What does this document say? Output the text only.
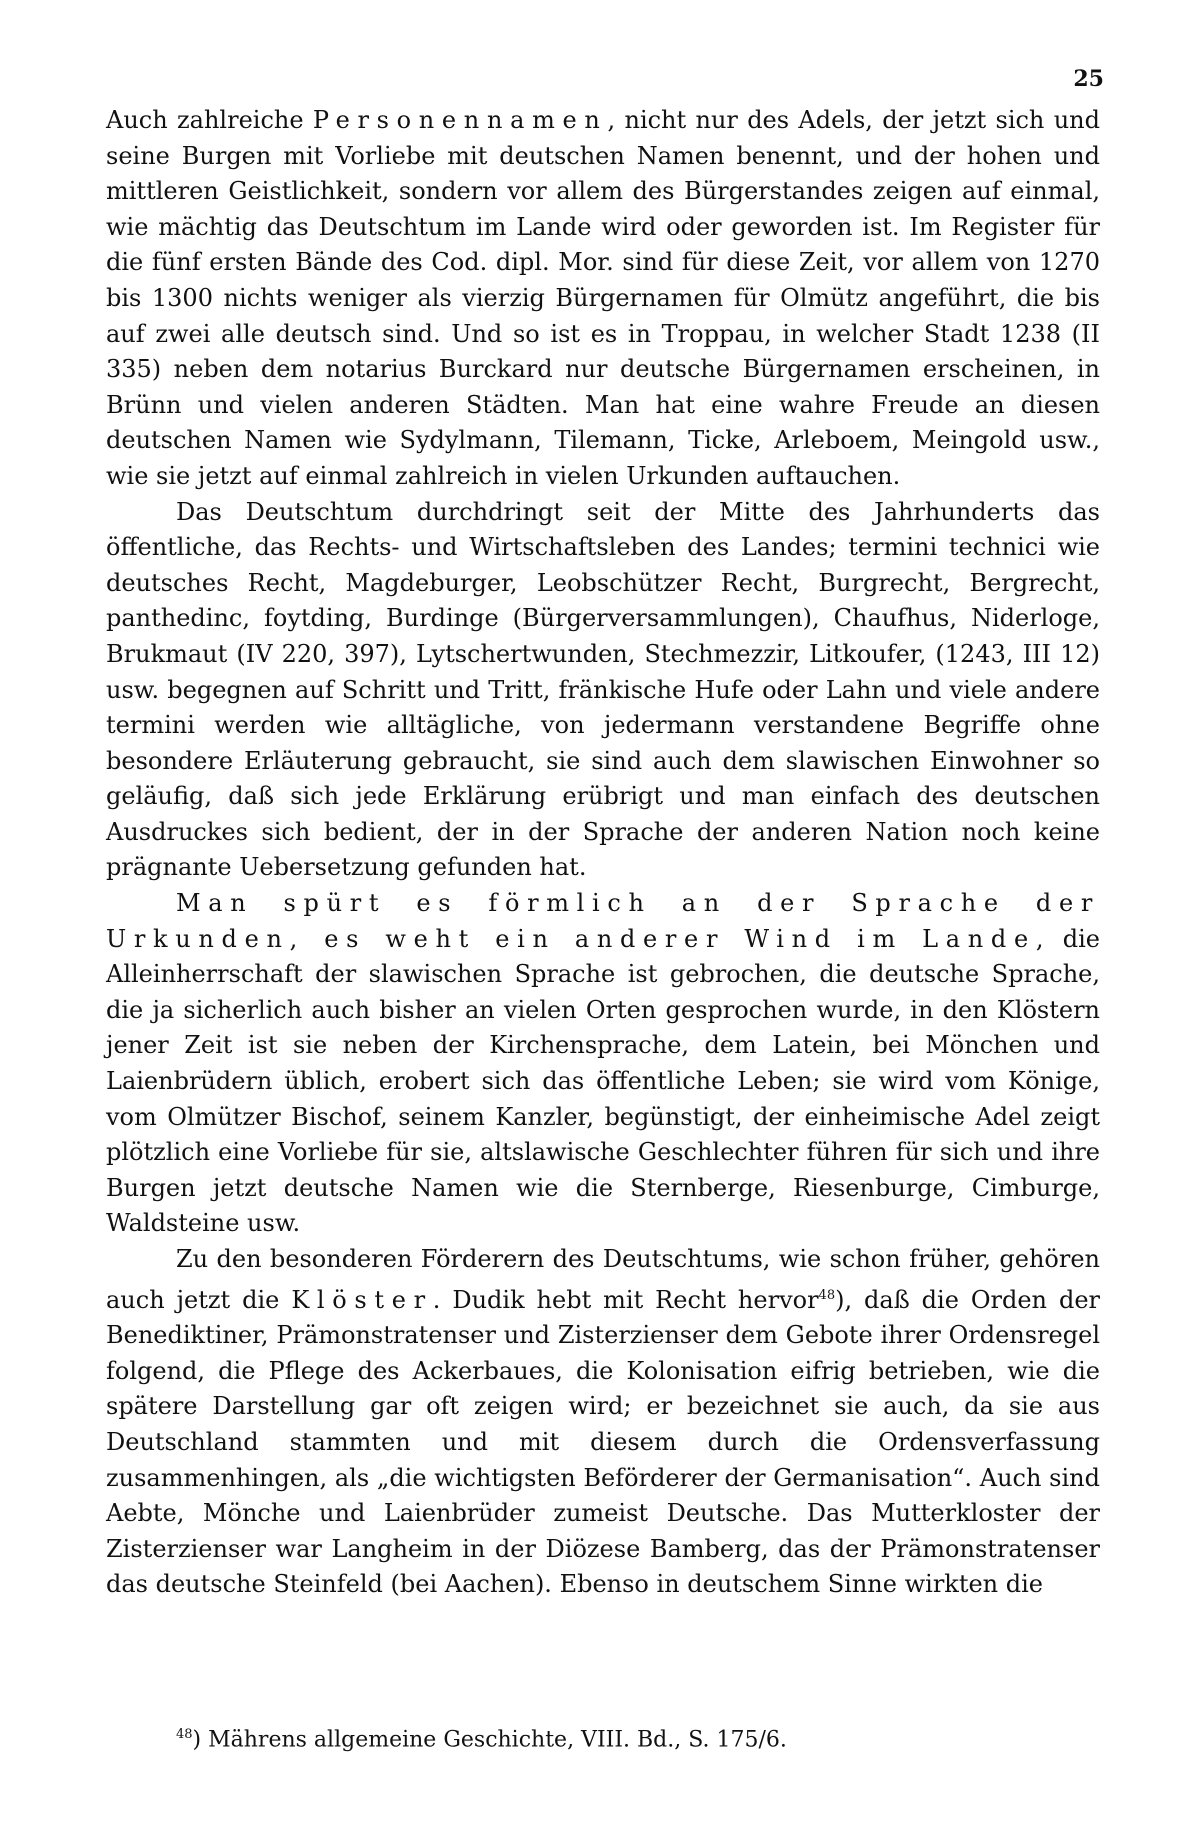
25

Auch zahlreiche Personennamen, nicht nur des Adels, der jetzt sich und seine Burgen mit Vorliebe mit deutschen Namen benennt, und der hohen und mittleren Geistlichkeit, sondern vor allem des Bürgerstandes zeigen auf einmal, wie mächtig das Deutschtum im Lande wird oder geworden ist. Im Register für die fünf ersten Bände des Cod. dipl. Mor. sind für diese Zeit, vor allem von 1270 bis 1300 nichts weniger als vierzig Bürgernamen für Olmütz angeführt, die bis auf zwei alle deutsch sind. Und so ist es in Troppau, in welcher Stadt 1238 (II 335) neben dem notarius Burckard nur deutsche Bürgernamen erscheinen, in Brünn und vielen anderen Städten. Man hat eine wahre Freude an diesen deutschen Namen wie Sydylmann, Tilemann, Ticke, Arleboem, Meingold usw., wie sie jetzt auf einmal zahlreich in vielen Urkunden auftauchen.

Das Deutschtum durchdringt seit der Mitte des Jahrhunderts das öffentliche, das Rechts- und Wirtschaftsleben des Landes; termini technici wie deutsches Recht, Magdeburger, Leobschützer Recht, Burgrecht, Bergrecht, panthedinc, foytding, Burdinge (Bürgerversammlungen), Chaufhus, Niderloge, Brukmaut (IV 220, 397), Lytschertwunden, Stechmezzir, Litkoufer, (1243, III 12) usw. begegnen auf Schritt und Tritt, fränkische Hufe oder Lahn und viele andere termini werden wie alltägliche, von jedermann verstandene Begriffe ohne besondere Erläuterung gebraucht, sie sind auch dem slawischen Einwohner so geläufig, daß sich jede Erklärung erübrigt und man einfach des deutschen Ausdruckes sich bedient, der in der Sprache der anderen Nation noch keine prägnante Uebersetzung gefunden hat.

Man spürt es förmlich an der Sprache der Urkunden, es weht ein anderer Wind im Lande, die Alleinherrschaft der slawischen Sprache ist gebrochen, die deutsche Sprache, die ja sicherlich auch bisher an vielen Orten gesprochen wurde, in den Klöstern jener Zeit ist sie neben der Kirchensprache, dem Latein, bei Mönchen und Laienbrüdern üblich, erobert sich das öffentliche Leben; sie wird vom Könige, vom Olmützer Bischof, seinem Kanzler, begünstigt, der einheimische Adel zeigt plötzlich eine Vorliebe für sie, altslawische Geschlechter führen für sich und ihre Burgen jetzt deutsche Namen wie die Sternberge, Riesenburge, Cimburge, Waldsteine usw.

Zu den besonderen Förderern des Deutschtums, wie schon früher, gehören auch jetzt die Klöster. Dudik hebt mit Recht hervor$^{48}$), daß die Orden der Benediktiner, Prämonstratenser und Zisterzienser dem Gebote ihrer Ordensregel folgend, die Pflege des Ackerbaues, die Kolonisation eifrig betrieben, wie die spätere Darstellung gar oft zeigen wird; er bezeichnet sie auch, da sie aus Deutschland stammten und mit diesem durch die Ordensverfassung zusammenhingen, als „die wichtigsten Beförderer der Germanisation“. Auch sind Aebte, Mönche und Laienbrüder zumeist Deutsche. Das Mutterkloster der Zisterzienser war Langheim in der Diözese Bamberg, das der Prämonstratenser das deutsche Steinfeld (bei Aachen). Ebenso in deutschem Sinne wirkten die

$^{48}$) Mährens allgemeine Geschichte, VIII. Bd., S. 175/6.
